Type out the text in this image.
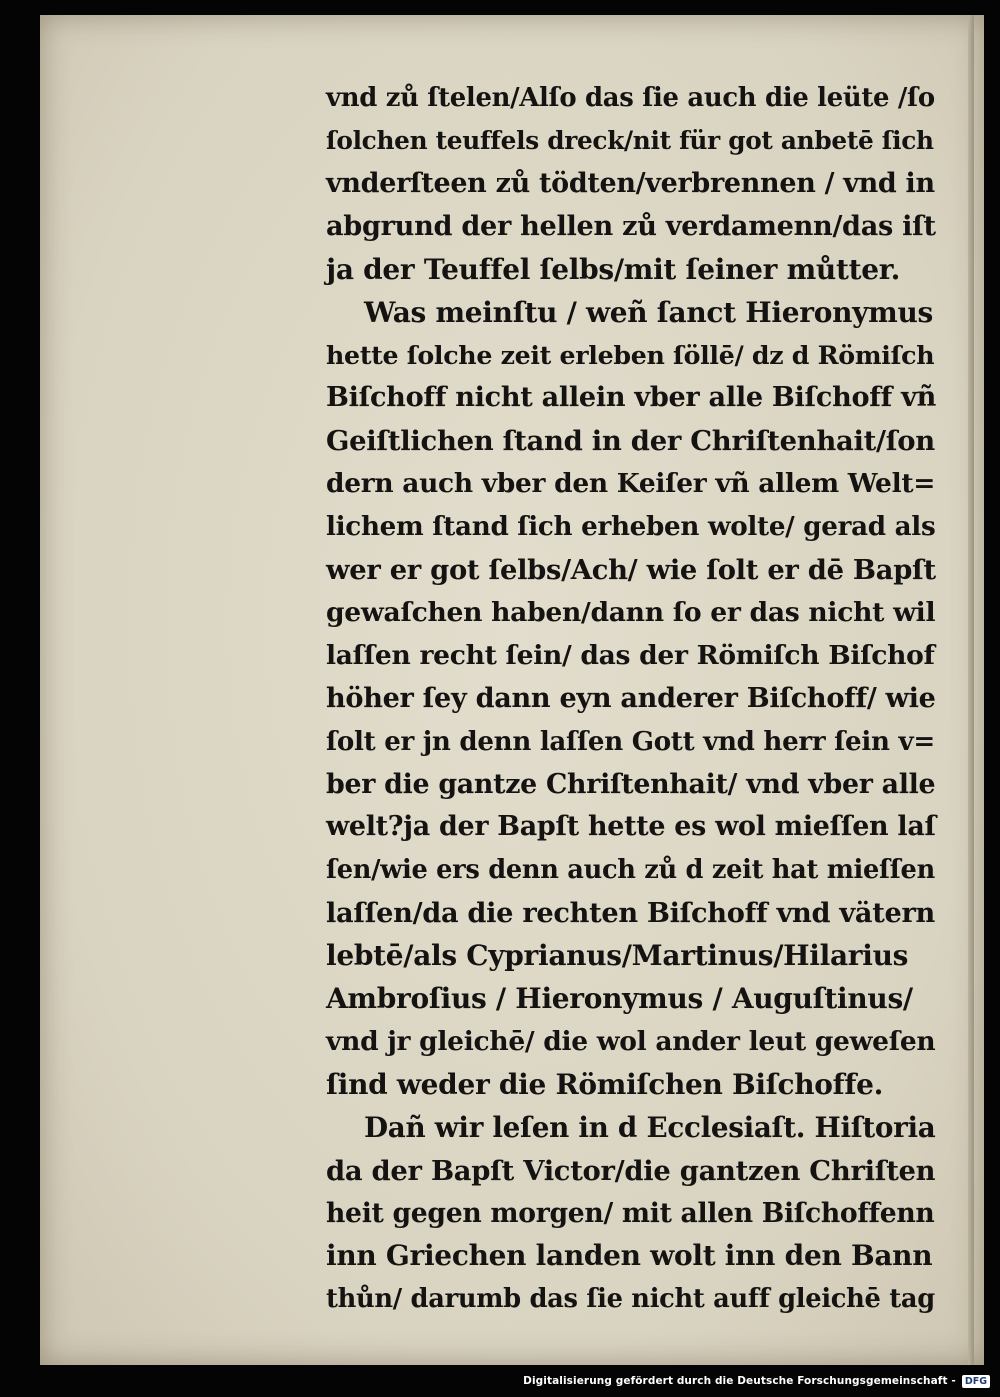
vnd zů ſtelen/Alſo das ſie auch die leüte /ſo
ſolchen teuffels dreck/nit für got anbetē ſich
vnderſteen zů tödten/verbrennen / vnd in
abgrund der hellen zů verdamenn/das iſt
ja der Teuffel ſelbs/mit ſeiner můtter.
Was meinſtu / weñ ſanct Hieronymus
hette ſolche zeit erleben ſöllē/ dz d Römiſch
Biſchoff nicht allein vber alle Biſchoff vñ
Geiſtlichen ſtand in der Chriſtenhait/ſon
dern auch vber den Keiſer vñ allem Welt=
lichem ſtand ſich erheben wolte/ gerad als
wer er got ſelbs/Ach/ wie ſolt er dē Bapſt
gewaſchen haben/dann ſo er das nicht wil
laſſen recht ſein/ das der Römiſch Biſchof
höher ſey dann eyn anderer Biſchoff/ wie
ſolt er jn denn laſſen Gott vnd herr ſein v=
ber die gantze Chriſtenhait/ vnd vber alle
welt?ja der Bapſt hette es wol mieſſen laſ
ſen/wie ers denn auch zů d zeit hat mieſſen
laſſen/da die rechten Biſchoff vnd vätern
lebtē/als Cyprianus/Martinus/Hilarius
Ambroſius / Hieronymus / Auguſtinus/
vnd jr gleichē/ die wol ander leut geweſen
ſind weder die Römiſchen Biſchoffe.
Dañ wir leſen in d Ecclesiaſt. Hiſtoria
da der Bapſt Victor/die gantzen Chriſten
heit gegen morgen/ mit allen Biſchoffenn
inn Griechen landen wolt inn den Bann
thůn/ darumb das ſie nicht auff gleichē tag
Digitalisierung gefördert durch die Deutsche Forschungsgemeinschaft - DFG
